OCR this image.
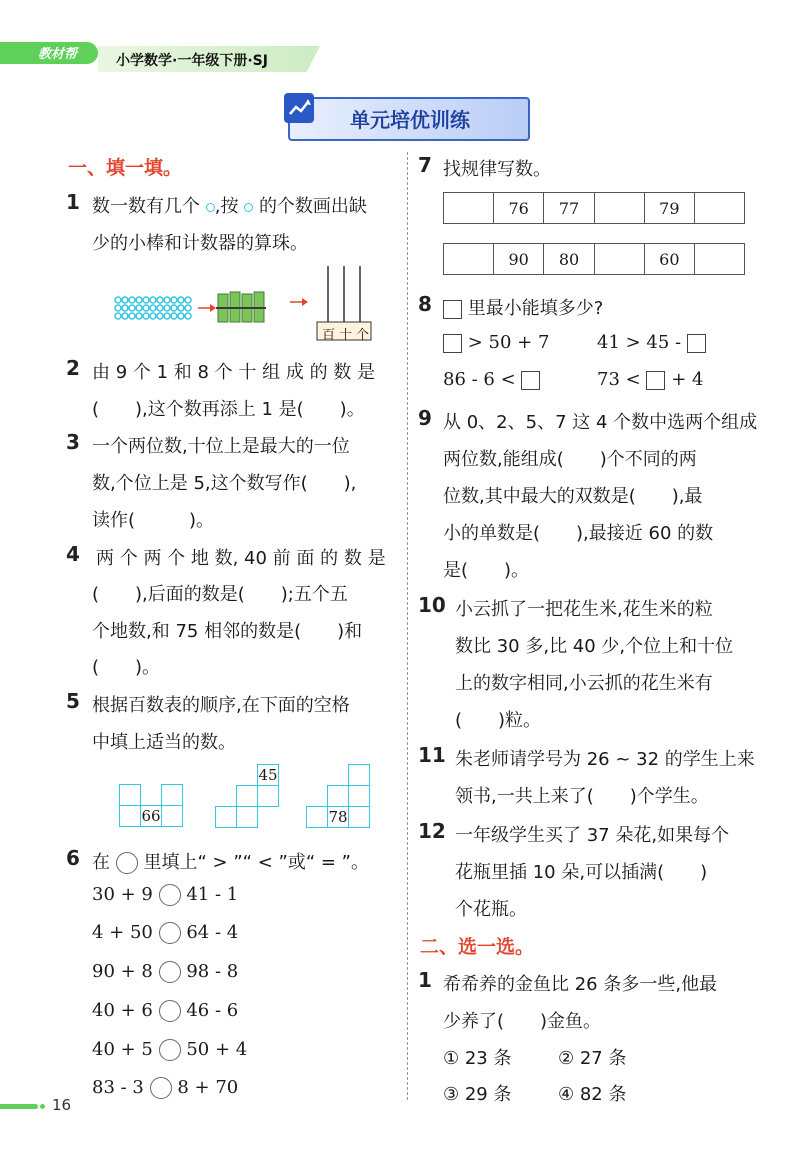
教材帮	小学数学·一年级下册·SJ
单元培优训练
一、填一填。
1 数一数有几个 ,按 的个数画出缺
少的小棒和计数器的算珠。
百十个
2 由 9 个 1 和 8 个 十 组 成 的 数 是
(　　),这个数再添上 1 是(　　)。
3 一个两位数,十位上是最大的一位
数,个位上是 5,这个数写作(　　),
读作(　　　)。
4 两 个 两 个 地 数, 40 前 面 的 数 是
(　　),后面的数是(　　);五个五
个地数,和 75 相邻的数是(　　)和
(　　)。
5 根据百数表的顺序,在下面的空格
中填上适当的数。
66
45
78
6 在 里填上“ > ”“ < ”或“ = ”。
30 + 9 41 - 1
4 + 50 64 - 4
90 + 8 98 - 8
40 + 6 46 - 6
40 + 5 50 + 4
83 - 3 8 + 70
7 找规律写数。
	76	77		79	
	90	80		60	
8	里最小能填多少?
> 50 + 7	41 > 45 -
86 - 6 <	73 < + 4
9 从 0、2、5、7 这 4 个数中选两个组成
两位数,能组成(　　)个不同的两
位数,其中最大的双数是(　　),最
小的单数是(　　),最接近 60 的数
是(　　)。
10 小云抓了一把花生米,花生米的粒
数比 30 多,比 40 少,个位上和十位
上的数字相同,小云抓的花生米有
(　　)粒。
11 朱老师请学号为 26 ~ 32 的学生上来
领书,一共上来了(　　)个学生。
12 一年级学生买了 37 朵花,如果每个
花瓶里插 10 朵,可以插满(　　)
个花瓶。
二、选一选。
1 希希养的金鱼比 26 条多一些,他最
少养了(　　)金鱼。
① 23 条	② 27 条
③ 29 条	④ 82 条
16
